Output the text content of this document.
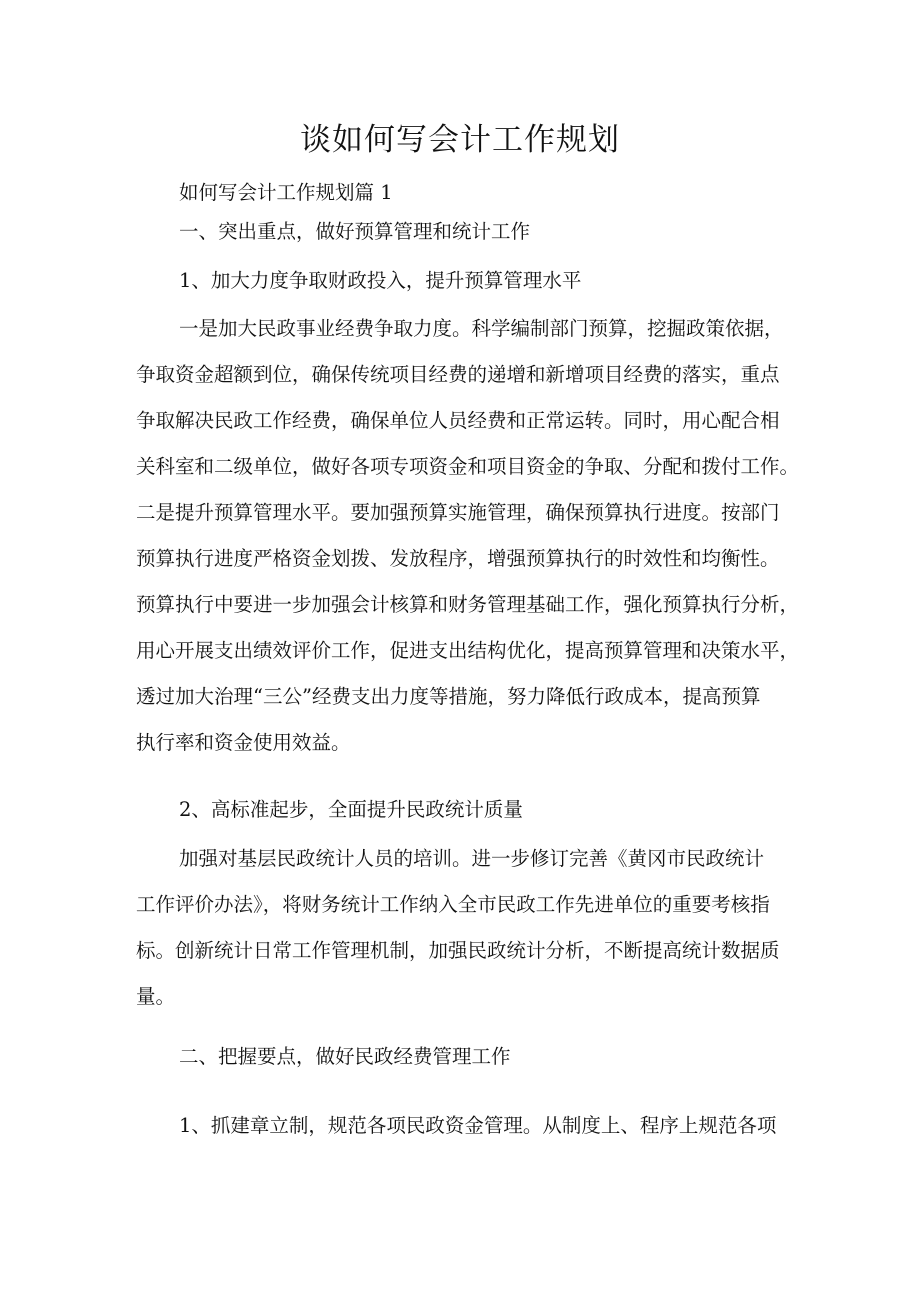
谈如何写会计工作规划
如何写会计工作规划篇 1
一、突出重点，做好预算管理和统计工作
1、加大力度争取财政投入，提升预算管理水平
一是加大民政事业经费争取力度。科学编制部门预算，挖掘政策依据，
争取资金超额到位，确保传统项目经费的递增和新增项目经费的落实，重点
争取解决民政工作经费，确保单位人员经费和正常运转。同时，用心配合相
关科室和二级单位，做好各项专项资金和项目资金的争取、分配和拨付工作。
二是提升预算管理水平。要加强预算实施管理，确保预算执行进度。按部门
预算执行进度严格资金划拨、发放程序，增强预算执行的时效性和均衡性。
预算执行中要进一步加强会计核算和财务管理基础工作，强化预算执行分析，
用心开展支出绩效评价工作，促进支出结构优化，提高预算管理和决策水平，
透过加大治理“三公”经费支出力度等措施，努力降低行政成本，提高预算
执行率和资金使用效益。
2、高标准起步，全面提升民政统计质量
加强对基层民政统计人员的培训。进一步修订完善《黄冈市民政统计
工作评价办法》，将财务统计工作纳入全市民政工作先进单位的重要考核指
标。创新统计日常工作管理机制，加强民政统计分析，不断提高统计数据质
量。
二、把握要点，做好民政经费管理工作
1、抓建章立制，规范各项民政资金管理。从制度上、程序上规范各项
